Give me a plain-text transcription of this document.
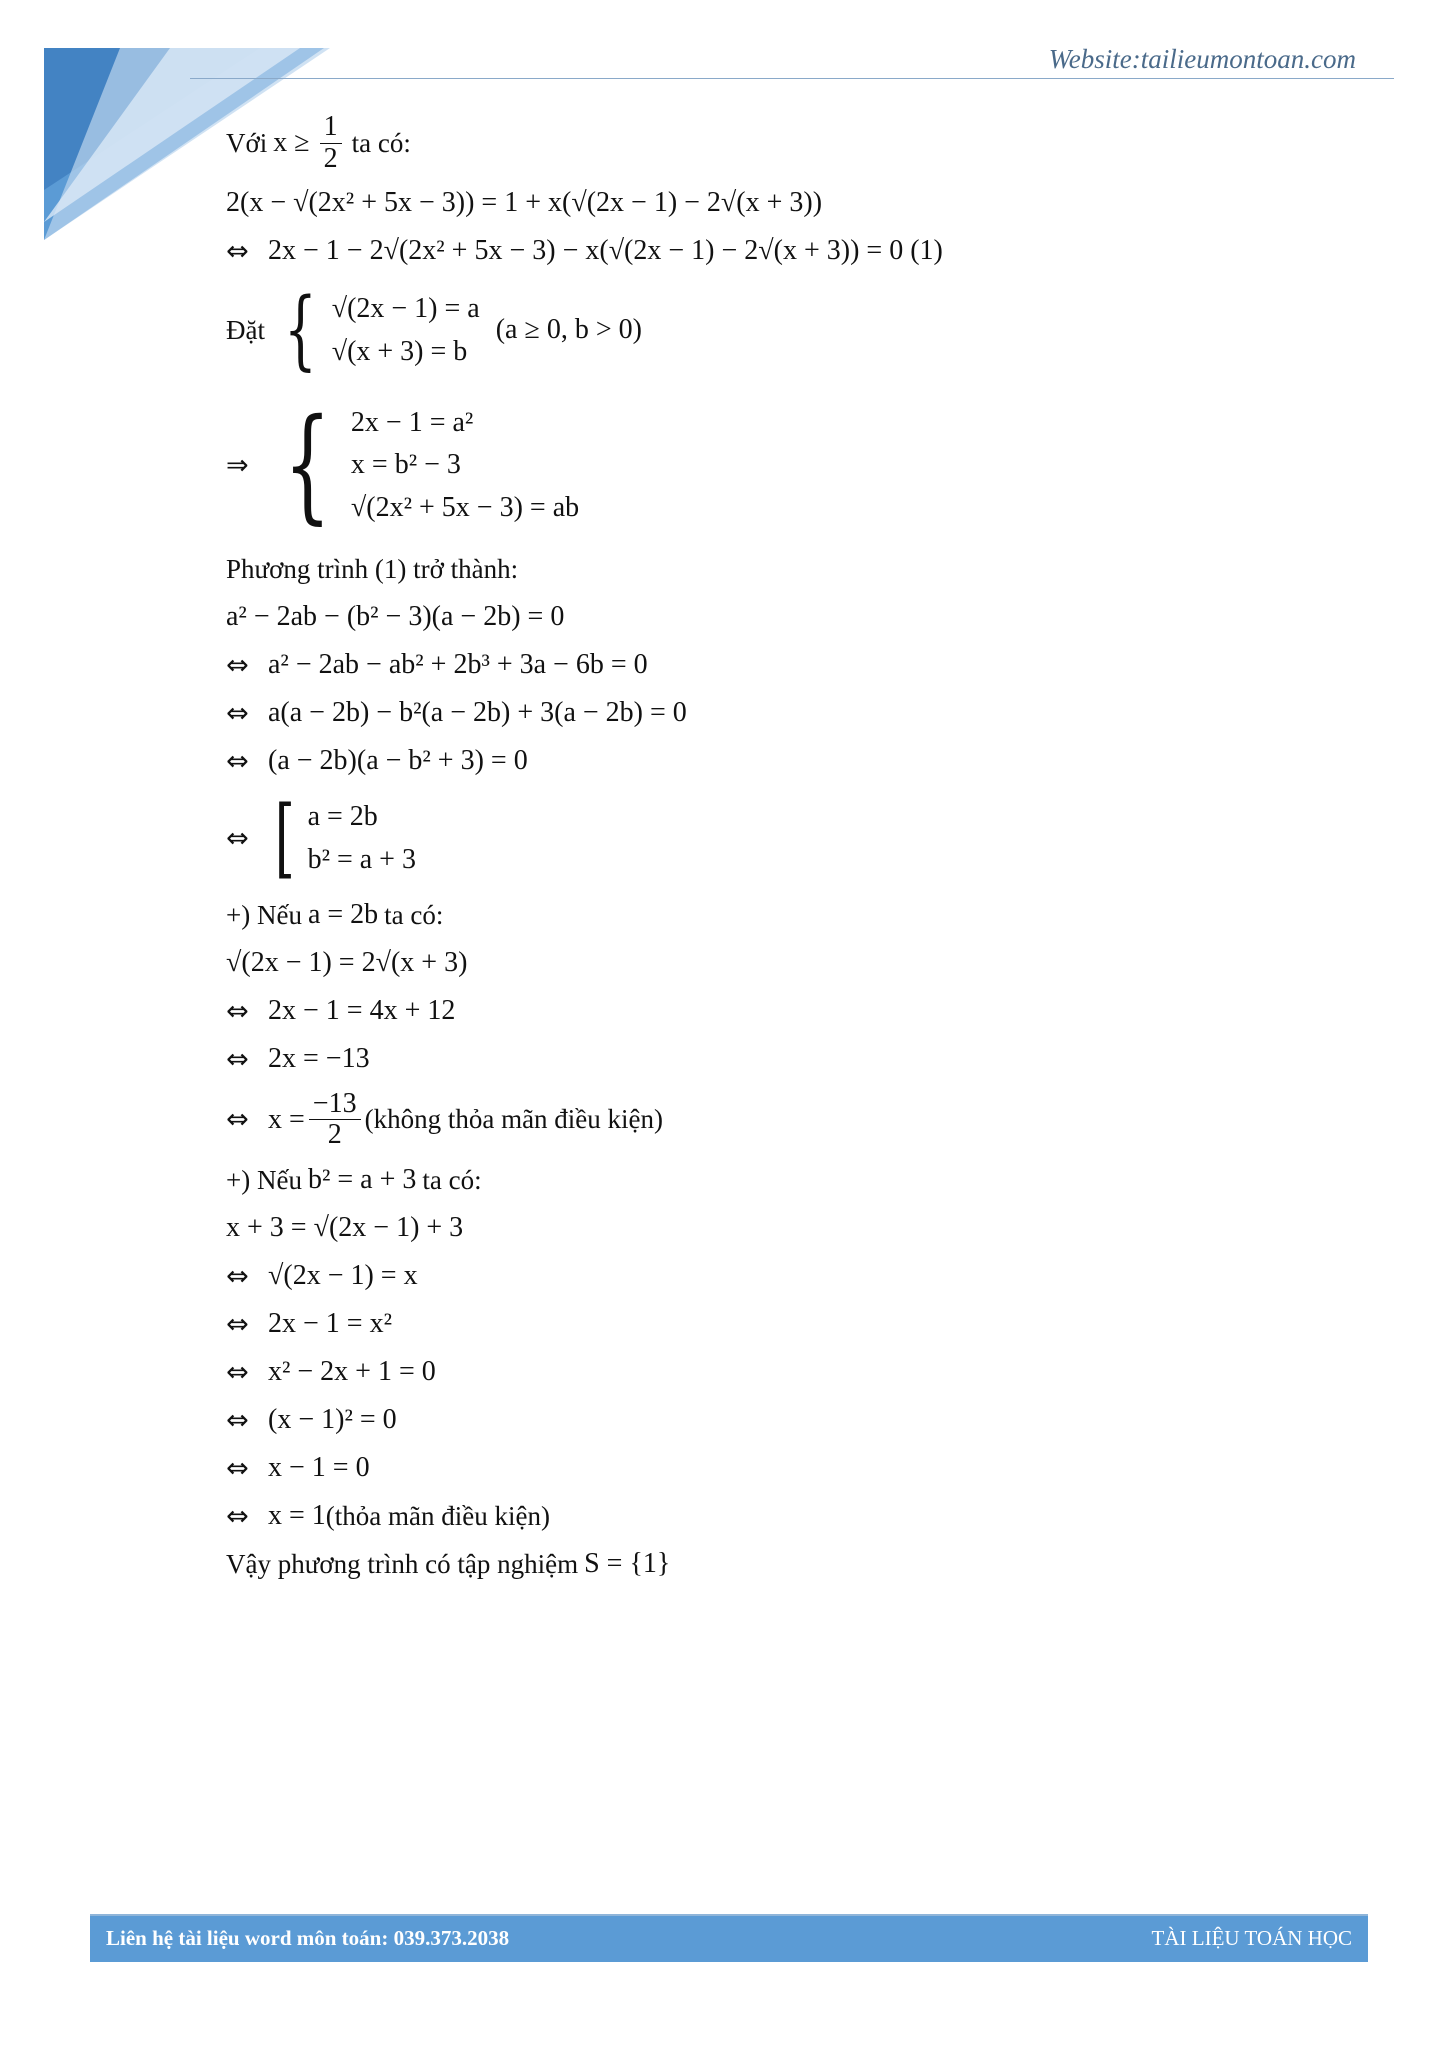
Website:tailieumontoan.com
Với $x \ge \frac{1}{2}$ ta có:
2(x − √(2x² + 5x − 3)) = 1 + x(√(2x − 1) − 2√(x + 3))
⇔ 2x − 1 − 2√(2x² + 5x − 3) − x(√(2x − 1) − 2√(x + 3)) = 0 (1)
Đặt { √(2x − 1) = a
√(x + 3) = b
(a ≥ 0, b > 0)
⇒ { 2x − 1 = a²
x = b² − 3
√(2x² + 5x − 3) = ab
Phương trình (1) trở thành:
a² − 2ab − (b² − 3)(a − 2b) = 0
⇔ a² − 2ab − ab² + 2b³ + 3a − 6b = 0
⇔ a(a − 2b) − b²(a − 2b) + 3(a − 2b) = 0
⇔ (a − 2b)(a − b² + 3) = 0
⇔ [ a = 2b
b² = a + 3
+) Nếu a = 2b ta có:
√(2x − 1) = 2√(x + 3)
⇔ 2x − 1 = 4x + 12
⇔ 2x = −13
⇔ $x = \frac{-13}{2}$ (không thỏa mãn điều kiện)
+) Nếu b² = a + 3 ta có:
x + 3 = √(2x − 1) + 3
⇔ √(2x − 1) = x
⇔ 2x − 1 = x²
⇔ x² − 2x + 1 = 0
⇔ (x − 1)² = 0
⇔ x − 1 = 0
⇔ x = 1 (thỏa mãn điều kiện)
Vậy phương trình có tập nghiệm S = {1}
Liên hệ tài liệu word môn toán: 039.373.2038	TÀI LIỆU TOÁN HỌC
